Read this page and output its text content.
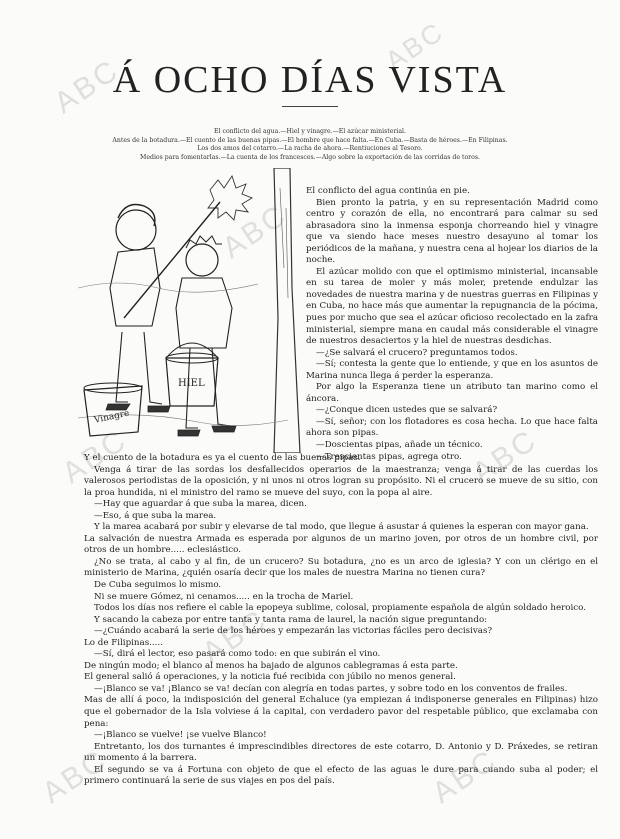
ABC
ABC
ABC
ABC	ABC
ABC
ABC	ABC
Á OCHO DÍAS VISTA
El conflicto del agua.—Hiel y vinagre.—El azúcar ministerial.
Antes de la botadura.—El cuento de las buenas pipas.—El hombre que hace falta.—En Cuba.—Basta de héroes.—En Filipinas.
Los dos amos del cotarro.—La racha de ahora.—Rentiuciones al Tesoro.
Medios para fomentarlas.—La cuenta de los francesces.—Algo sobre la exportación de las corridas de toros.
Vinagre
HIEL

El conflicto del agua continúa en pie.

Bien pronto la patria, y en su representación Madrid como centro y corazón de ella, no encontrará para calmar su sed abrasadora sino la inmensa esponja chorreando hiel y vinagre que va siendo hace meses nuestro desayuno al tomar los periódicos de la mañana, y nuestra cena al hojear los diarios de la noche.

El azúcar molido con que el optimismo ministerial, incansable en su tarea de moler y más moler, pretende endulzar las novedades de nuestra marina y de nuestras guerras en Filipinas y en Cuba, no hace más que aumentar la repugnancia de la pócima, pues por mucho que sea el azúcar oficioso recolectado en la zafra ministerial, siempre mana en caudal más considerable el vinagre de nuestros desaciertos y la hiel de nuestras desdichas.

—¿Se salvará el crucero? preguntamos todos.

—Sí; contesta la gente que lo entiende, y que en los asuntos de Marina nunca llega á perder la esperanza.

Por algo la Esperanza tiene un atributo tan marino como el áncora.

—¿Conque dicen ustedes que se salvará?

—Sí, señor; con los flotadores es cosa hecha. Lo que hace falta ahora son pipas.

—Doscientas pipas, añade un técnico.

—Trescientas pipas, agrega otro.

Y el cuento de la botadura es ya el cuento de las buenas pipas.

Venga á tirar de las sordas los desfallecidos operarios de la maestranza; venga á tirar de las cuerdas los valerosos periodistas de la oposición, y ni unos ni otros logran su propósito. Ni el crucero se mueve de su sitio, con la proa hundida, ni el ministro del ramo se mueve del suyo, con la popa al aire.

—Hay que aguardar á que suba la marea, dicen.

—Eso, á que suba la marea.

Y la marea acabará por subir y elevarse de tal modo, que llegue á asustar á quienes la esperan con mayor gana.

La salvación de nuestra Armada es esperada por algunos de un marino joven, por otros de un hombre civil, por otros de un hombre..... eclesiástico.

¿No se trata, al cabo y al fin, de un crucero? Su botadura, ¿no es un arco de iglesia? Y con un clérigo en el ministerio de Marina, ¿quién osaría decir que los males de nuestra Marina no tienen cura?

De Cuba seguimos lo mismo.

Ni se muere Gómez, ni cenamos..... en la trocha de Mariel.

Todos los días nos refiere el cable la epopeya sublime, colosal, propiamente española de algún soldado heroico.

Y sacando la cabeza por entre tanta y tanta rama de laurel, la nación sigue preguntando:

—¿Cuándo acabará la serie de los héroes y empezarán las victorias fáciles pero decisivas?

Lo de Filipinas.....

—Sí, dirá el lector, eso pasará como todo: en que subirán el vino.

De ningún modo; el blanco al menos ha bajado de algunos cablegramas á esta parte.

El general salió á operaciones, y la noticia fué recibida con júbilo no menos general.

—¡Blanco se va! ¡Blanco se va! decían con alegría en todas partes, y sobre todo en los conventos de frailes.

Mas de allí á poco, la indisposición del general Echaluce (ya empiezan á indisponerse generales en Filipinas) hizo que el gobernador de la Isla volviese á la capital, con verdadero pavor del respetable público, que exclamaba con pena:

—¡Blanco se vuelve! ¡se vuelve Blanco!

Entretanto, los dos turnantes é imprescindibles directores de este cotarro, D. Antonio y D. Práxedes, se retiran un momento á la barrera.

El segundo se va á Fortuna con objeto de que el efecto de las aguas le dure para cuando suba al poder; el primero continuará la serie de sus viajes en pos del país.
